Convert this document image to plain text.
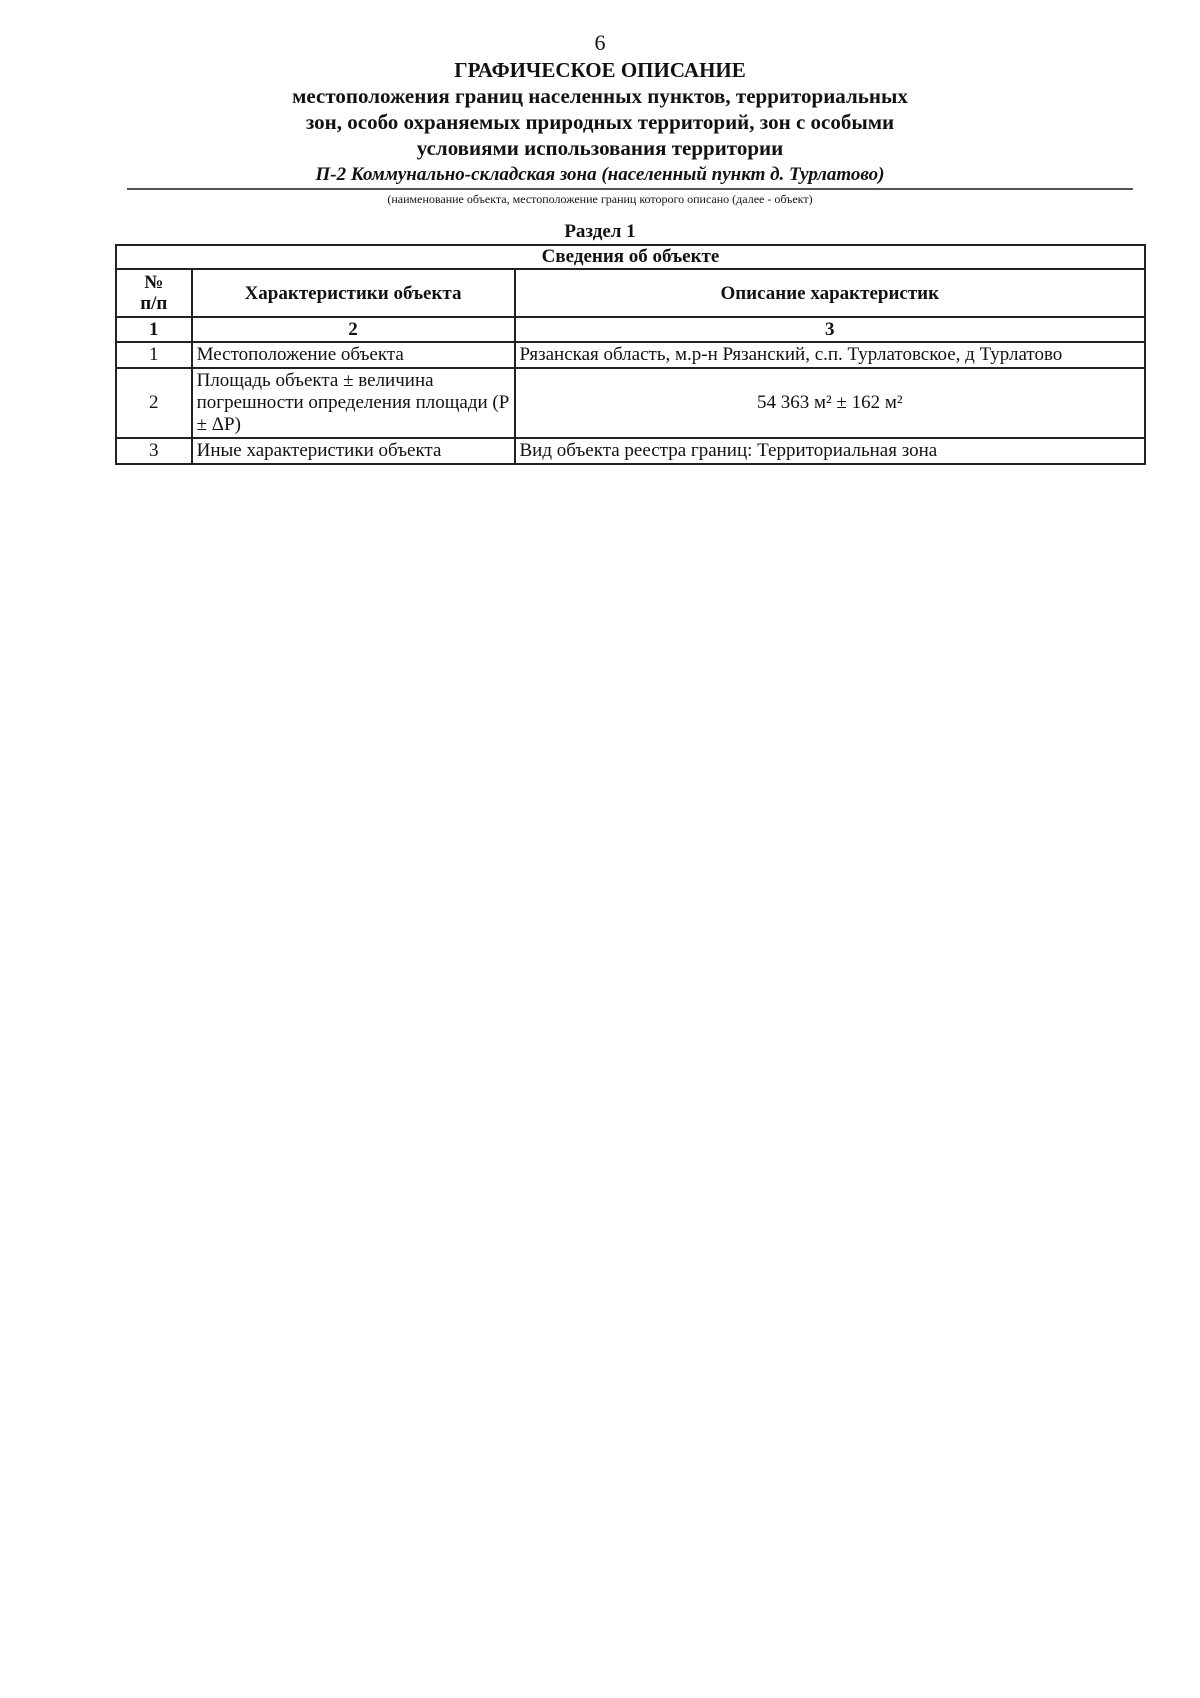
6
ГРАФИЧЕСКОЕ ОПИСАНИЕ
местоположения границ населенных пунктов, территориальных
зон, особо охраняемых природных территорий, зон с особыми
условиями использования территории
П-2 Коммунально-складская зона (населенный пункт д. Турлатово)
(наименование объекта, местоположение границ которого описано (далее - объект)
Раздел 1
Сведения об объекте		

№
п/п	Характеристики объекта	Описание характеристик
1	2	3
1	Местоположение объекта	Рязанская область, м.р-н Рязанский, с.п. Турлатовское, д Турлатово
2	Площадь объекта ± величина погрешности определения площади (P ± ΔP)	54 363 м² ± 162 м²
3	Иные характеристики объекта	Вид объекта реестра границ: Территориальная зона
